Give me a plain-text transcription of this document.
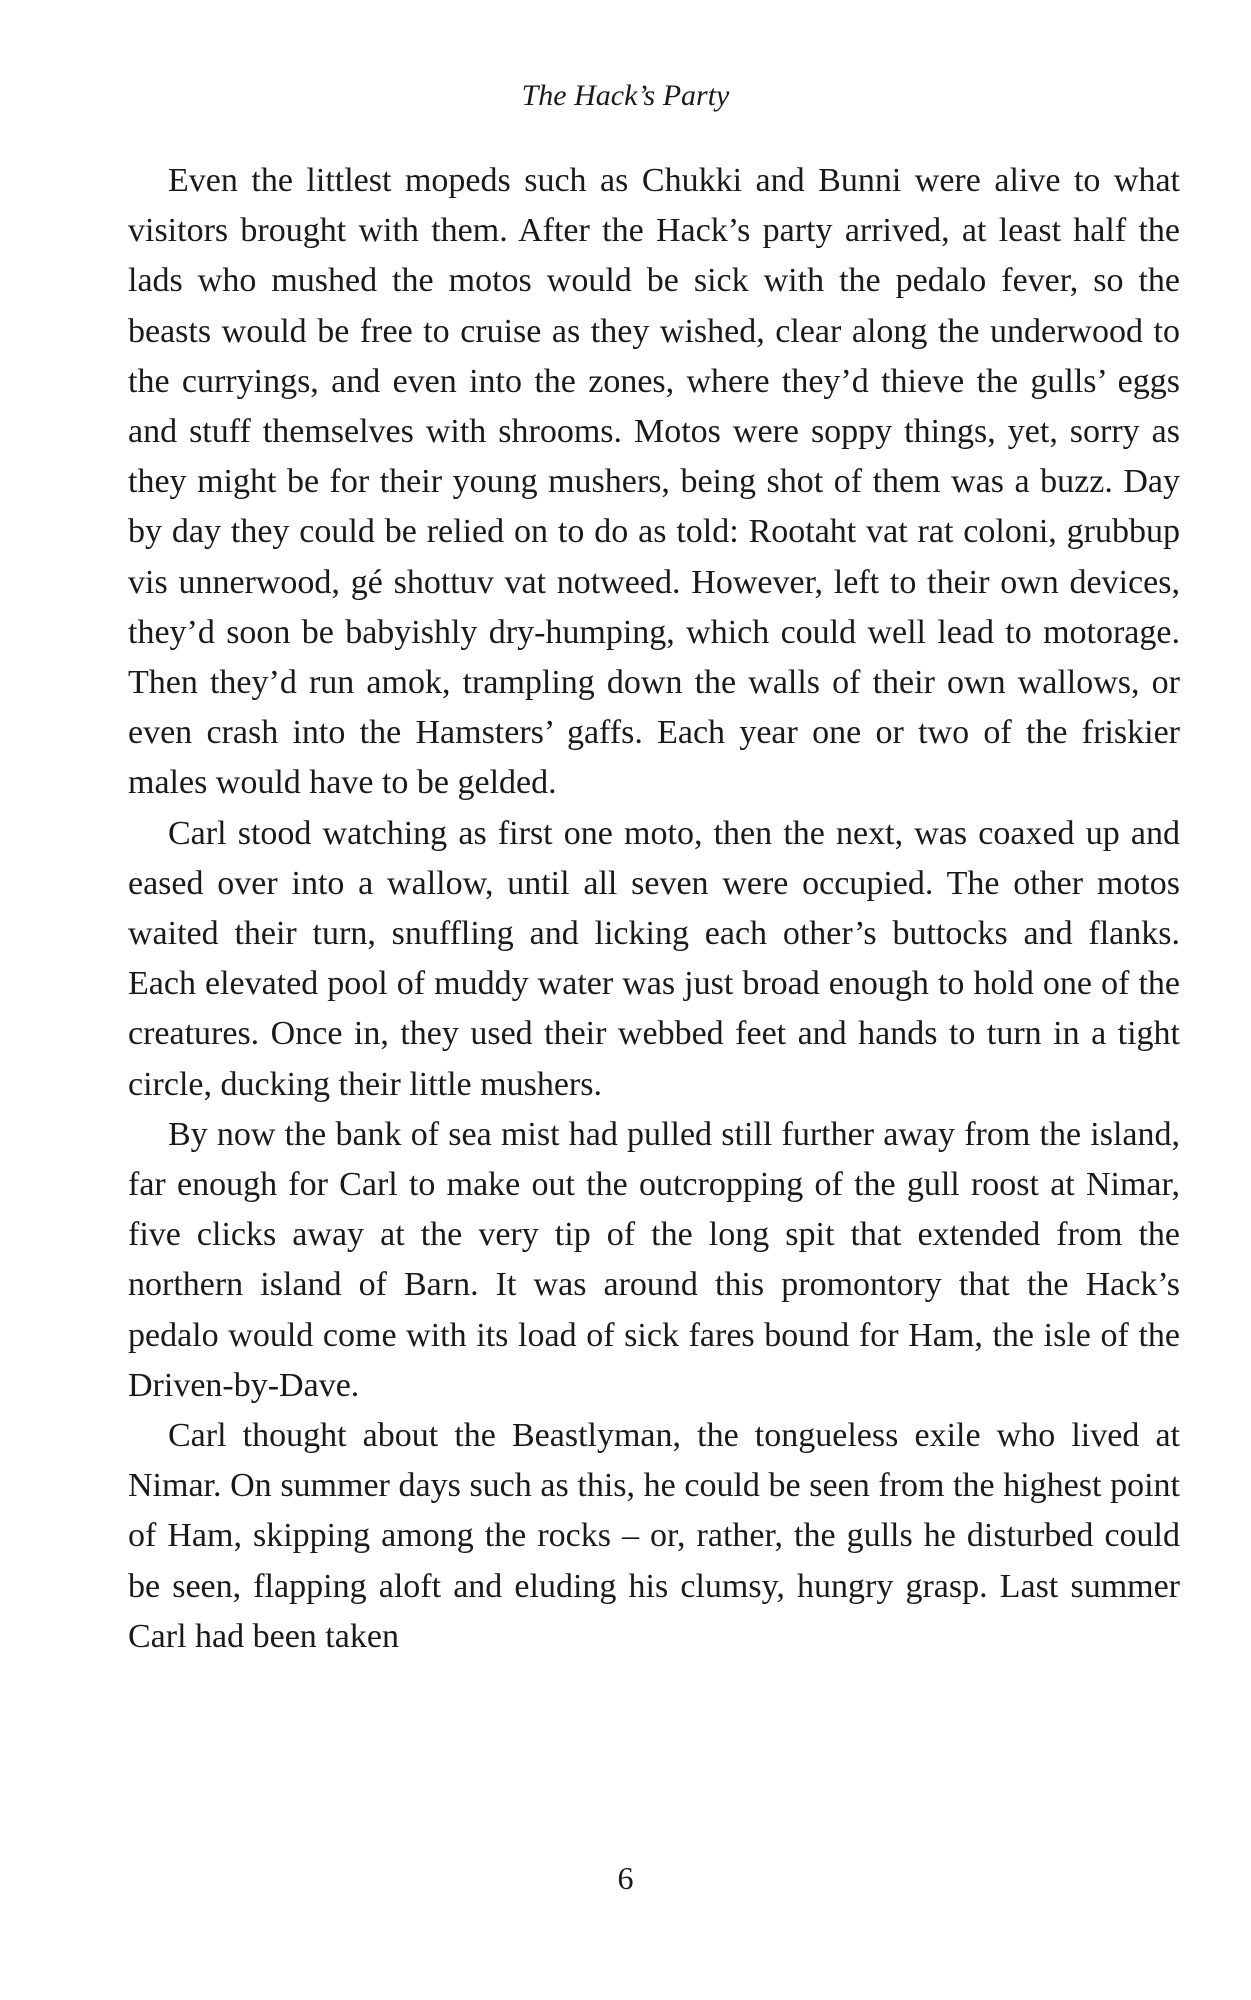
The Hack’s Party

Even the littlest mopeds such as Chukki and Bunni were alive to what visitors brought with them. After the Hack’s party arrived, at least half the lads who mushed the motos would be sick with the pedalo fever, so the beasts would be free to cruise as they wished, clear along the underwood to the curryings, and even into the zones, where they’d thieve the gulls’ eggs and stuff themselves with shrooms. Motos were soppy things, yet, sorry as they might be for their young mushers, being shot of them was a buzz. Day by day they could be relied on to do as told: Rootaht vat rat coloni, grubbup vis unnerwood, gé shottuv vat notweed. However, left to their own devices, they’d soon be babyishly dry-humping, which could well lead to motorage. Then they’d run amok, trampling down the walls of their own wallows, or even crash into the Hamsters’ gaffs. Each year one or two of the friskier males would have to be gelded.

Carl stood watching as first one moto, then the next, was coaxed up and eased over into a wallow, until all seven were occupied. The other motos waited their turn, snuffling and licking each other’s buttocks and flanks. Each elevated pool of muddy water was just broad enough to hold one of the creatures. Once in, they used their webbed feet and hands to turn in a tight circle, ducking their little mushers.

By now the bank of sea mist had pulled still further away from the island, far enough for Carl to make out the outcropping of the gull roost at Nimar, five clicks away at the very tip of the long spit that extended from the northern island of Barn. It was around this promontory that the Hack’s pedalo would come with its load of sick fares bound for Ham, the isle of the Driven-by-Dave.

Carl thought about the Beastlyman, the tongueless exile who lived at Nimar. On summer days such as this, he could be seen from the highest point of Ham, skipping among the rocks – or, rather, the gulls he disturbed could be seen, flapping aloft and eluding his clumsy, hungry grasp. Last summer Carl had been taken

6
